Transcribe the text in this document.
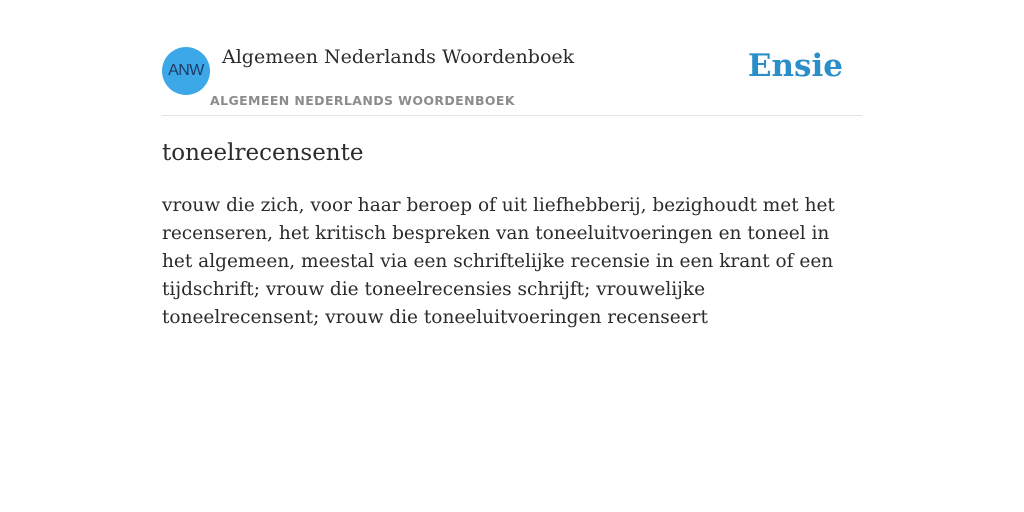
ANW
Algemeen Nederlands Woordenboek
ALGEMEEN NEDERLANDS WOORDENBOEK
Ensie
toneelrecensente
vrouw die zich, voor haar beroep of uit liefhebberij, bezighoudt met het recenseren, het kritisch bespreken van toneeluitvoeringen en toneel in het algemeen, meestal via een schriftelijke recensie in een krant of een tijdschrift; vrouw die toneelrecensies schrijft; vrouwelijke toneelrecensent; vrouw die toneeluitvoeringen recenseert
